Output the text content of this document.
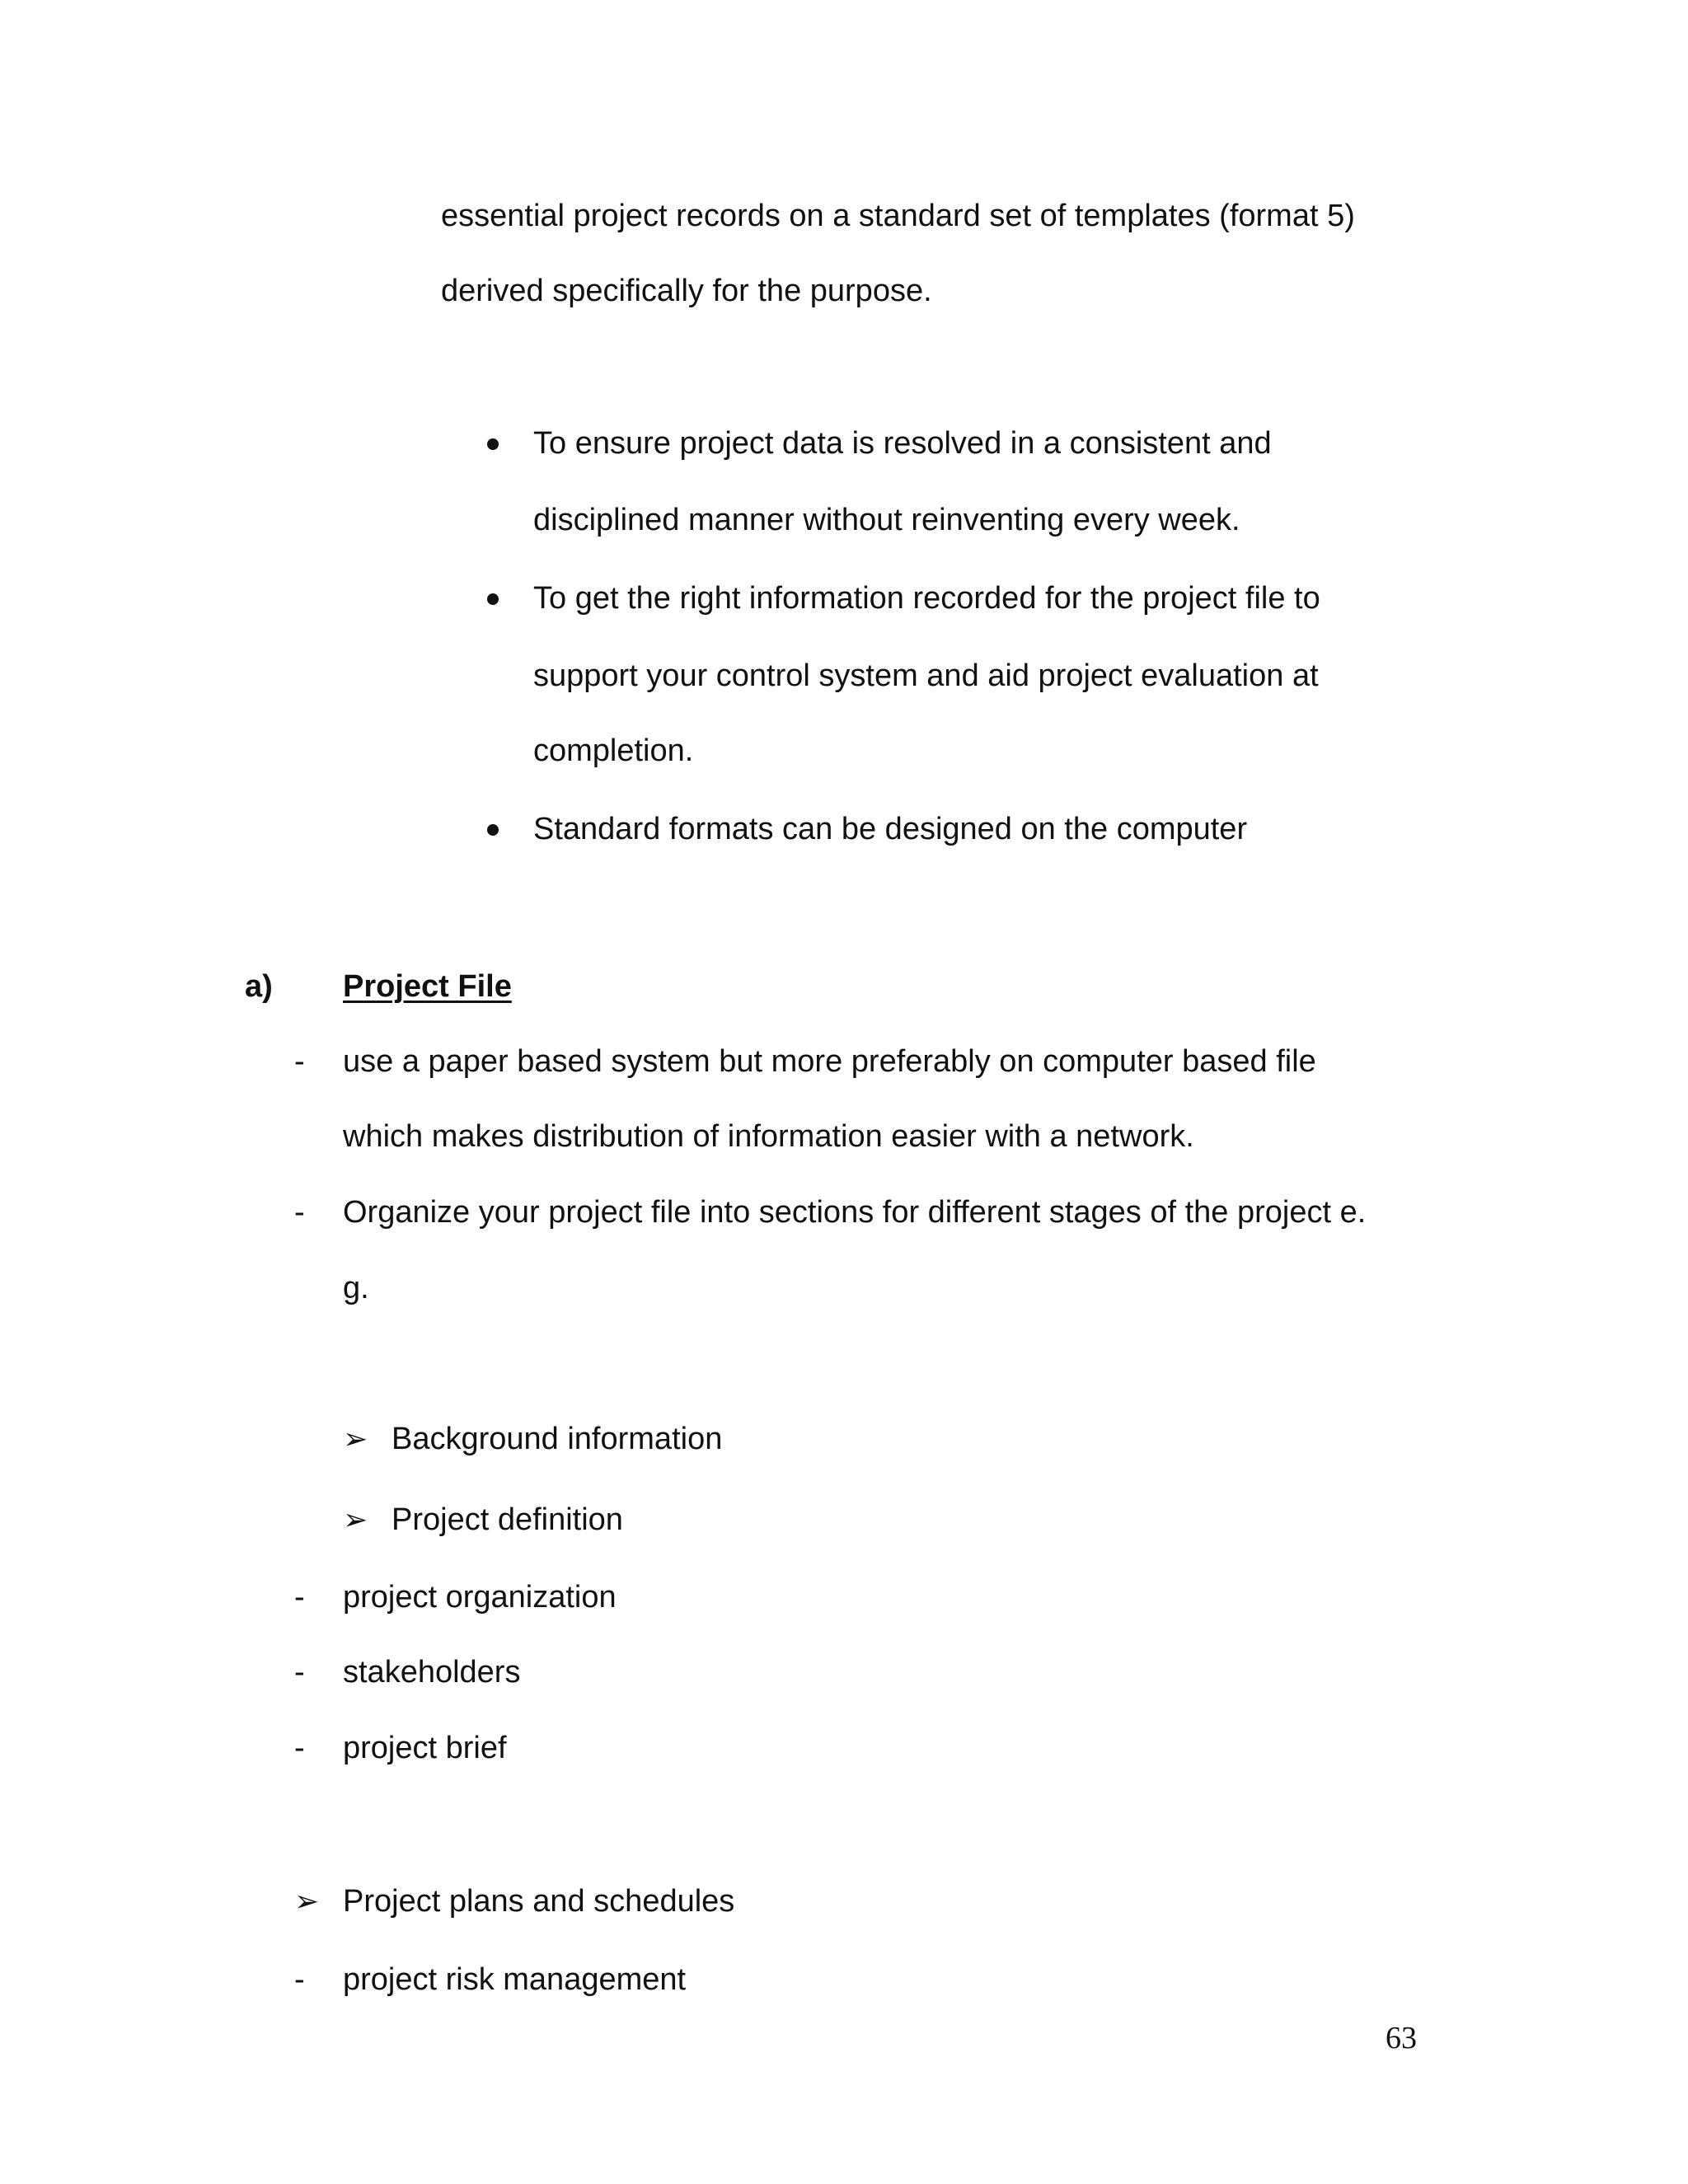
essential project records on a standard set of templates (format 5)
derived specifically for the purpose.
To ensure project data is resolved in a consistent and
disciplined manner without reinventing every week.
To get the right information recorded for the project file to
support your control system and aid project evaluation at
completion.
Standard formats can be designed on the computer
a) Project File
- use a paper based system but more preferably on computer based file
which makes distribution of information easier with a network.
- Organize your project file into sections for different stages of the project e.
g.
➢ Background information
➢ Project definition
- project organization
- stakeholders
- project brief
➢ Project plans and schedules
- project risk management
63
